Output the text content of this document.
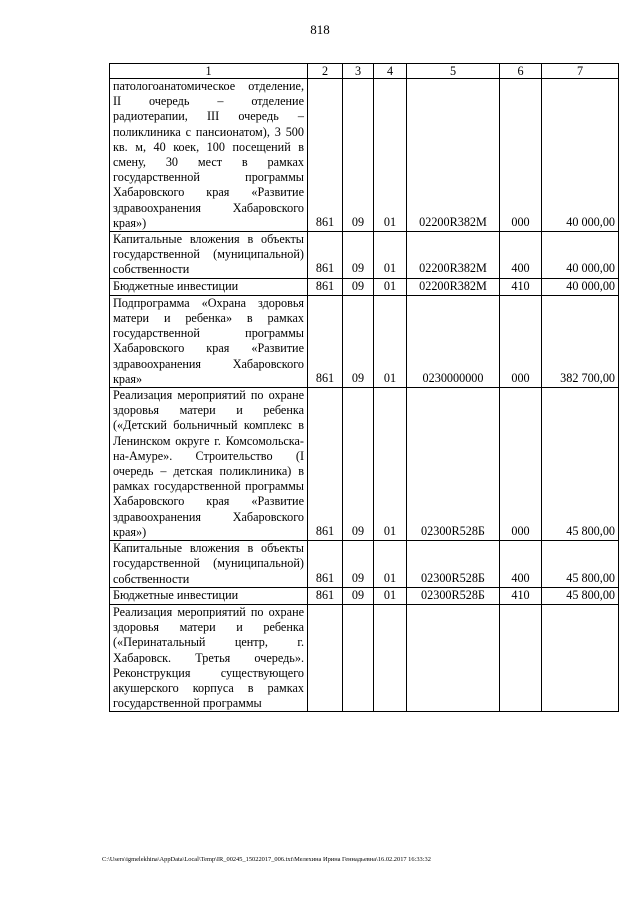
818
1	2	3	4	5	6	7
патологоанатомическое отделение, II очередь – отделение радиотерапии, III очередь – поликлиника с пансионатом), 3 500 кв. м, 40 коек, 100 посещений в смену, 30 мест в рамках государственной программы Хабаровского края «Развитие здравоохранения Хабаровского края»)	861	09	01	02200R382М	000	40 000,00
Капитальные вложения в объекты государственной (муниципальной) собственности	861	09	01	02200R382М	400	40 000,00
Бюджетные инвестиции	861	09	01	02200R382М	410	40 000,00
Подпрограмма «Охрана здоровья матери и ребенка» в рамках государственной программы Хабаровского края «Развитие здравоохранения Хабаровского края»	861	09	01	0230000000	000	382 700,00
Реализация мероприятий по охране здоровья матери и ребенка («Детский больничный комплекс в Ленинском округе г. Комсомольска-на-Амуре». Строительство (I очередь – детская поликлиника) в рамках государственной программы Хабаровского края «Развитие здравоохранения Хабаровского края»)	861	09	01	02300R528Б	000	45 800,00
Капитальные вложения в объекты государственной (муниципальной) собственности	861	09	01	02300R528Б	400	45 800,00
Бюджетные инвестиции	861	09	01	02300R528Б	410	45 800,00
Реализация мероприятий по охране здоровья матери и ребенка («Перинатальный центр, г. Хабаровск. Третья очередь». Реконструкция существующего акушерского корпуса в рамках государственной программы						
C:\Users\igmelekhina\AppData\Local\Temp\IR_00245_15022017_006.txt\Мелехина Ирина Геннадьевна\16.02.2017 16:33:32
